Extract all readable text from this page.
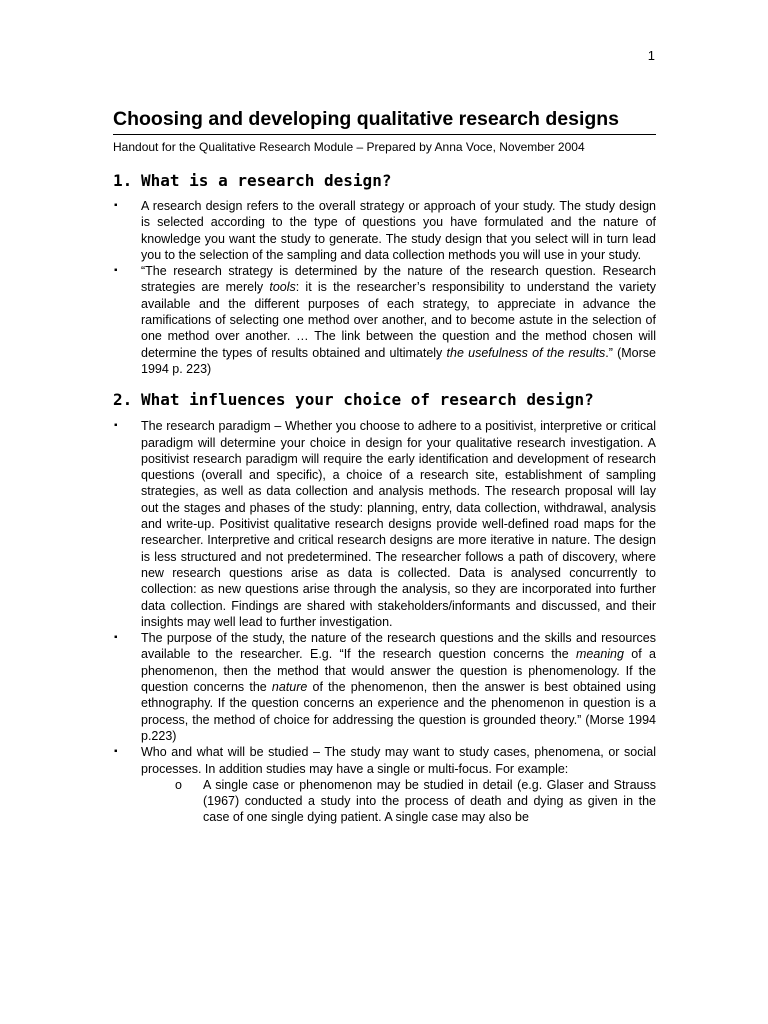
1
Choosing and developing qualitative research designs

Handout for the Qualitative Research Module – Prepared by Anna Voce, November 2004

1. What is a research design?
▪ A research design refers to the overall strategy or approach of your study. The study design is selected according to the type of questions you have formulated and the nature of knowledge you want the study to generate. The study design that you select will in turn lead you to the selection of the sampling and data collection methods you will use in your study.
▪ “The research strategy is determined by the nature of the research question. Research strategies are merely tools: it is the researcher’s responsibility to understand the variety available and the different purposes of each strategy, to appreciate in advance the ramifications of selecting one method over another, and to become astute in the selection of one method over another. … The link between the question and the method chosen will determine the types of results obtained and ultimately the usefulness of the results.” (Morse 1994 p. 223)
2. What influences your choice of research design?
▪ The research paradigm – Whether you choose to adhere to a positivist, interpretive or critical paradigm will determine your choice in design for your qualitative research investigation. A positivist research paradigm will require the early identification and development of research questions (overall and specific), a choice of a research site, establishment of sampling strategies, as well as data collection and analysis methods. The research proposal will lay out the stages and phases of the study: planning, entry, data collection, withdrawal, analysis and write-up. Positivist qualitative research designs provide well-defined road maps for the researcher. Interpretive and critical research designs are more iterative in nature. The design is less structured and not predetermined. The researcher follows a path of discovery, where new research questions arise as data is collected. Data is analysed concurrently to collection: as new questions arise through the analysis, so they are incorporated into further data collection. Findings are shared with stakeholders/informants and discussed, and their insights may well lead to further investigation.
▪ The purpose of the study, the nature of the research questions and the skills and resources available to the researcher. E.g. “If the research question concerns the meaning of a phenomenon, then the method that would answer the question is phenomenology. If the question concerns the nature of the phenomenon, then the answer is best obtained using ethnography. If the question concerns an experience and the phenomenon in question is a process, the method of choice for addressing the question is grounded theory.” (Morse 1994 p.223)
▪ Who and what will be studied – The study may want to study cases, phenomena, or social processes. In addition studies may have a single or multi-focus. For example:
o A single case or phenomenon may be studied in detail (e.g. Glaser and Strauss (1967) conducted a study into the process of death and dying as given in the case of one single dying patient. A single case may also be
